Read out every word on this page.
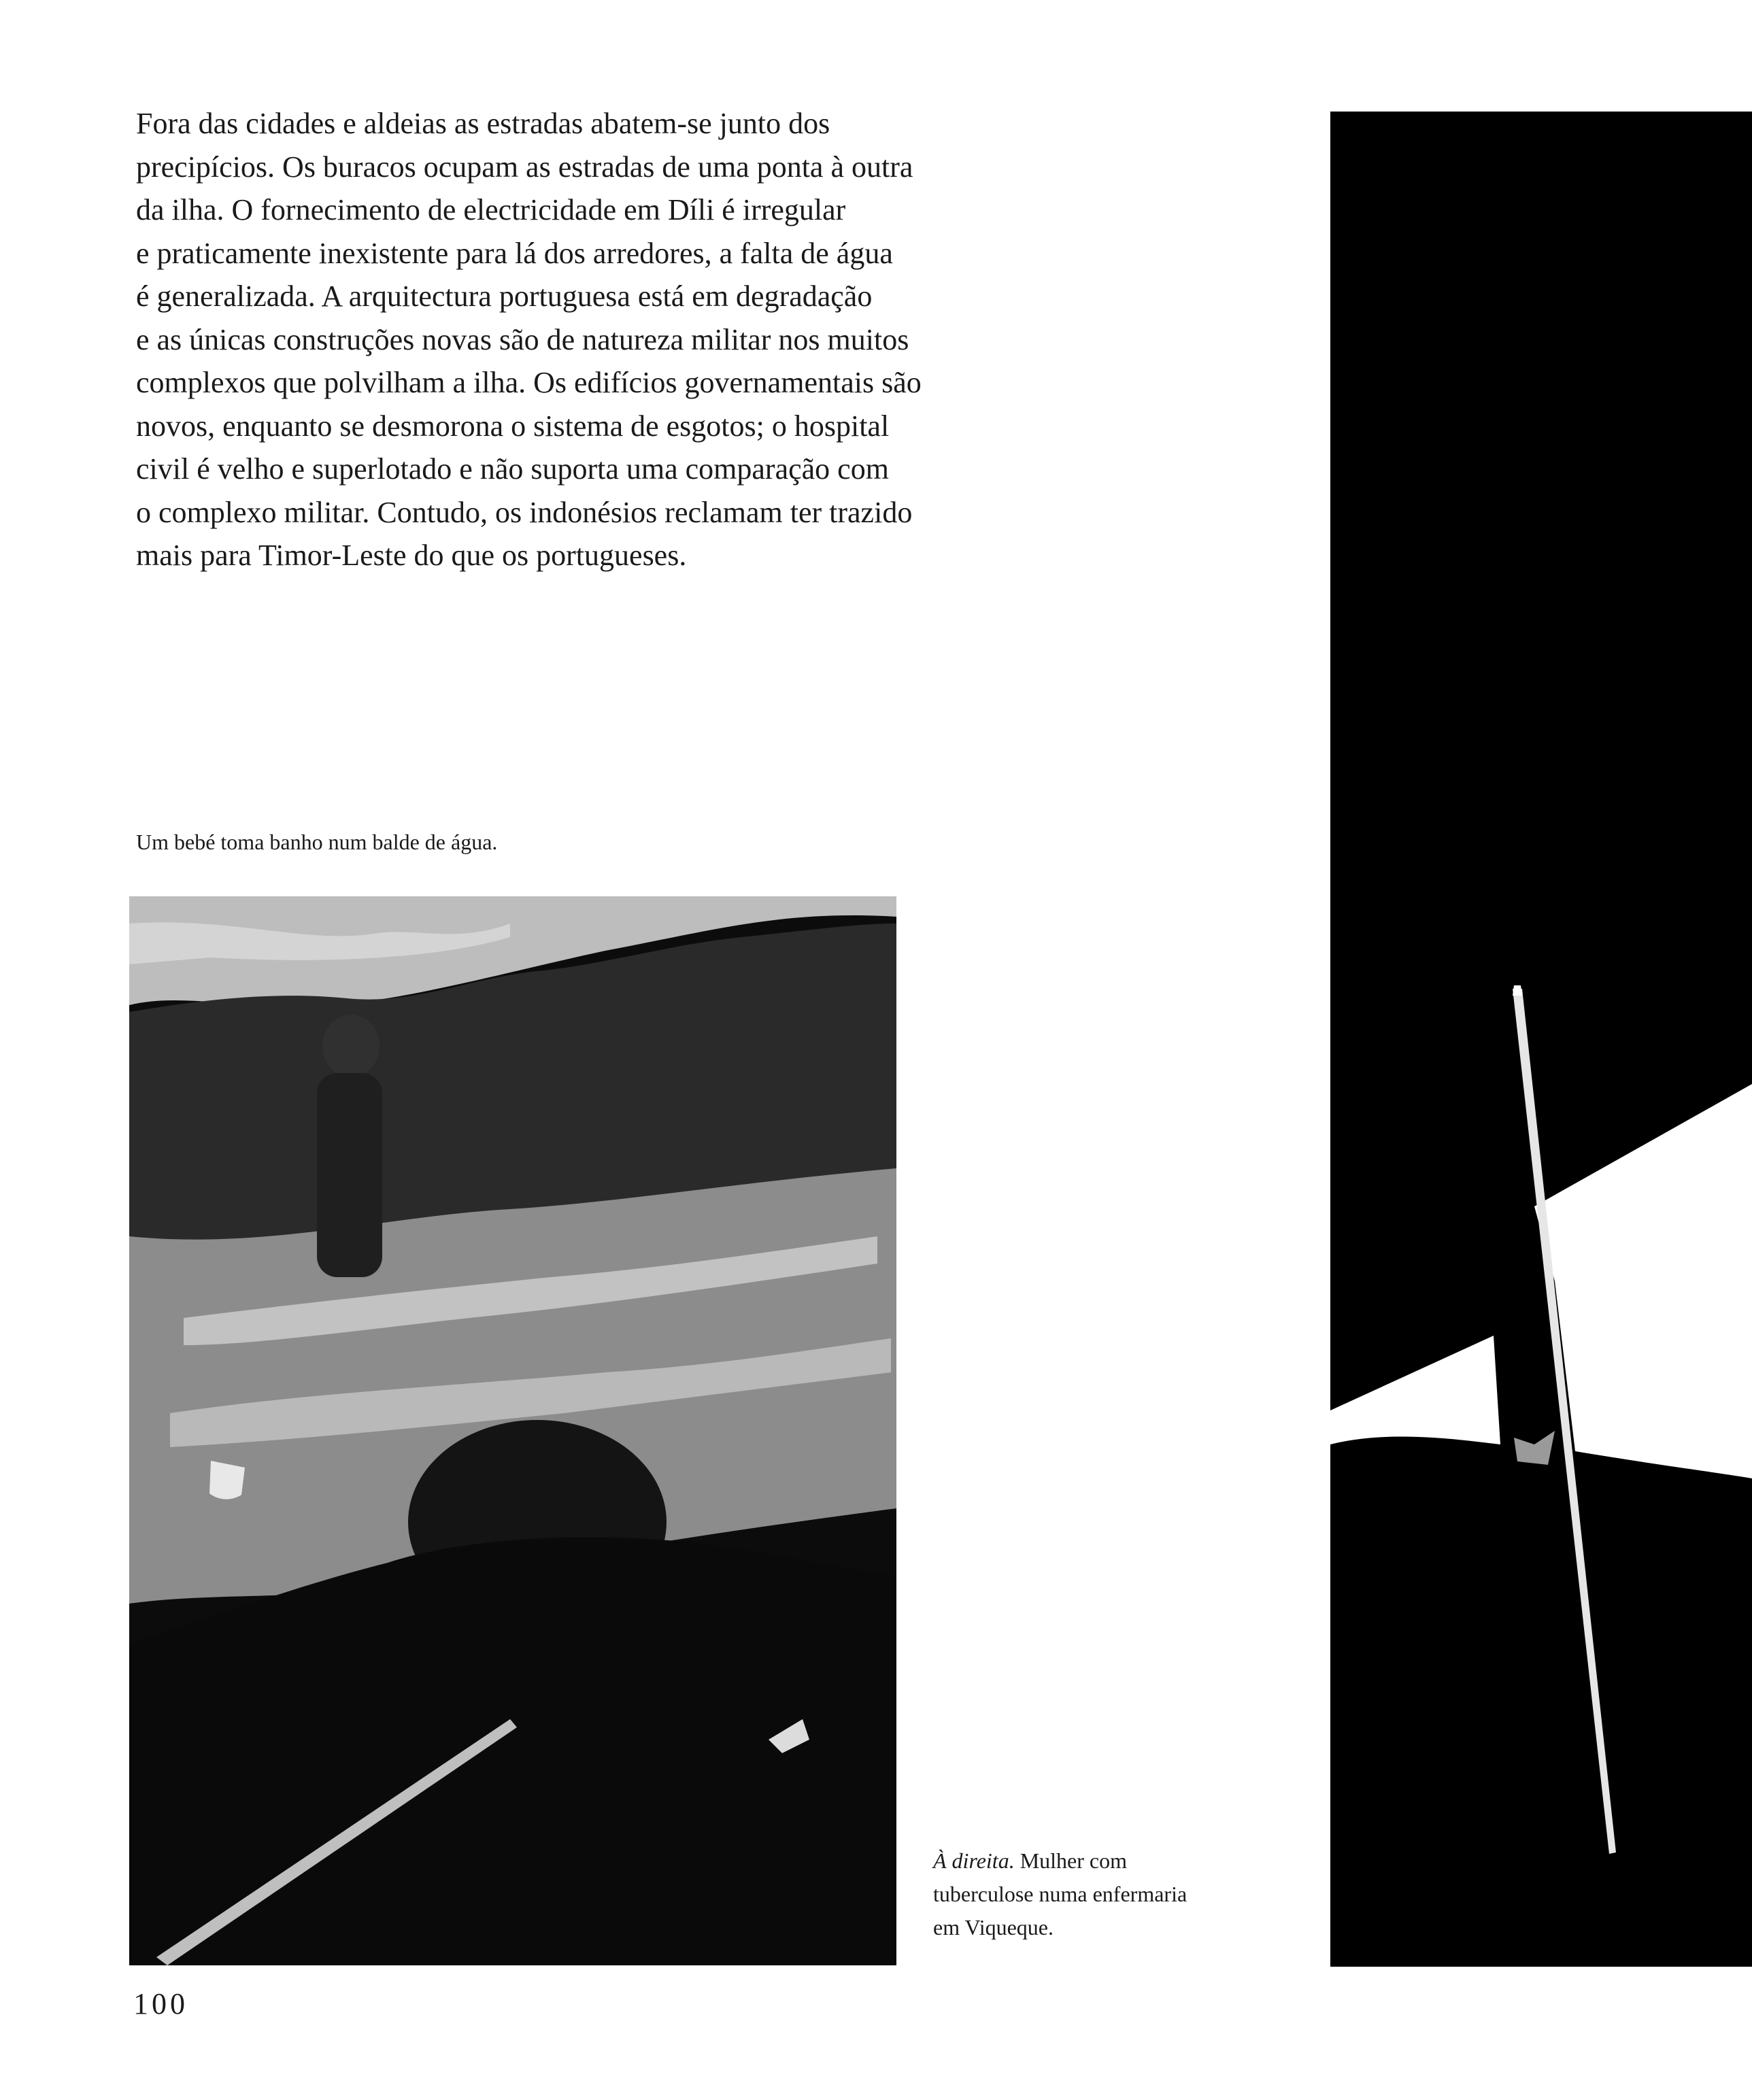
Fora das cidades e aldeias as estradas abatem-se junto dos
precipícios. Os buracos ocupam as estradas de uma ponta à outra
da ilha. O fornecimento de electricidade em Díli é irregular
e praticamente inexistente para lá dos arredores, a falta de água
é generalizada. A arquitectura portuguesa está em degradação
e as únicas construções novas são de natureza militar nos muitos
complexos que polvilham a ilha. Os edifícios governamentais são
novos, enquanto se desmorona o sistema de esgotos; o hospital
civil é velho e superlotado e não suporta uma comparação com
o complexo militar. Contudo, os indonésios reclamam ter trazido
mais para Timor-Leste do que os portugueses.
Um bebé toma banho num balde de água.
À direita. Mulher com
tuberculose numa enfermaria
em Viqueque.
100
